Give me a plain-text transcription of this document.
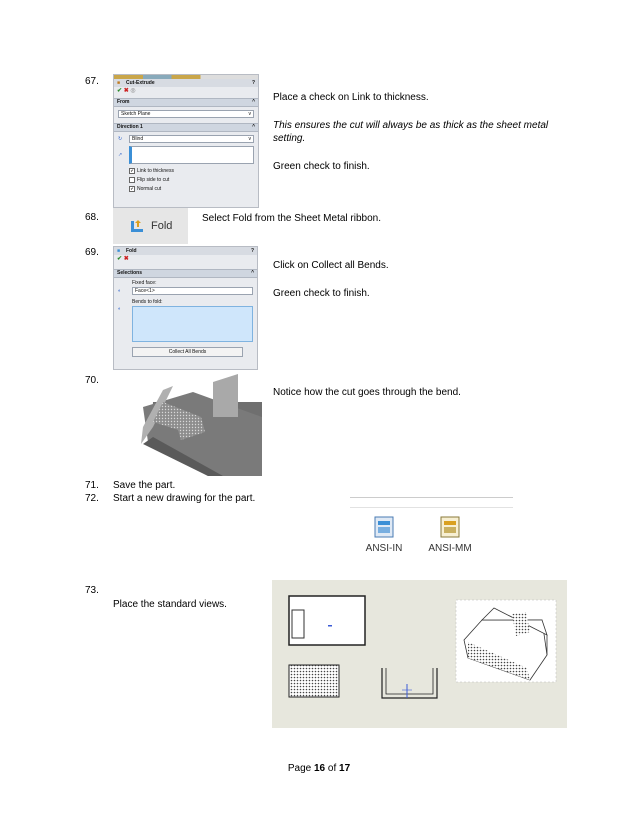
67.	■ Cut-Extrude	?
✔ ✖ ◎
From	^
Sketch Plane	v
Direction 1	^
↻	Blind	v
↗
✔ Link to thickness
Flip side to cut
✔ Normal cut
Place a check on Link to thickness.
This ensures the cut will always be as thick as the sheet metal setting.
Green check to finish.
68.
Fold
Select Fold from the Sheet Metal ribbon.
69.	■ Fold	?
✔ ✖
Selections	^
Fixed face:
◐	Face<1>
Bends to fold:
◐
Collect All Bends
Click on Collect all Bends.
Green check to finish.
70.
Notice how the cut goes through the bend.
71. Save the part.
72. Start a new drawing for the part.
ANSI-IN	ANSI-MM
73.
Place the standard views.
Page 16 of 17
